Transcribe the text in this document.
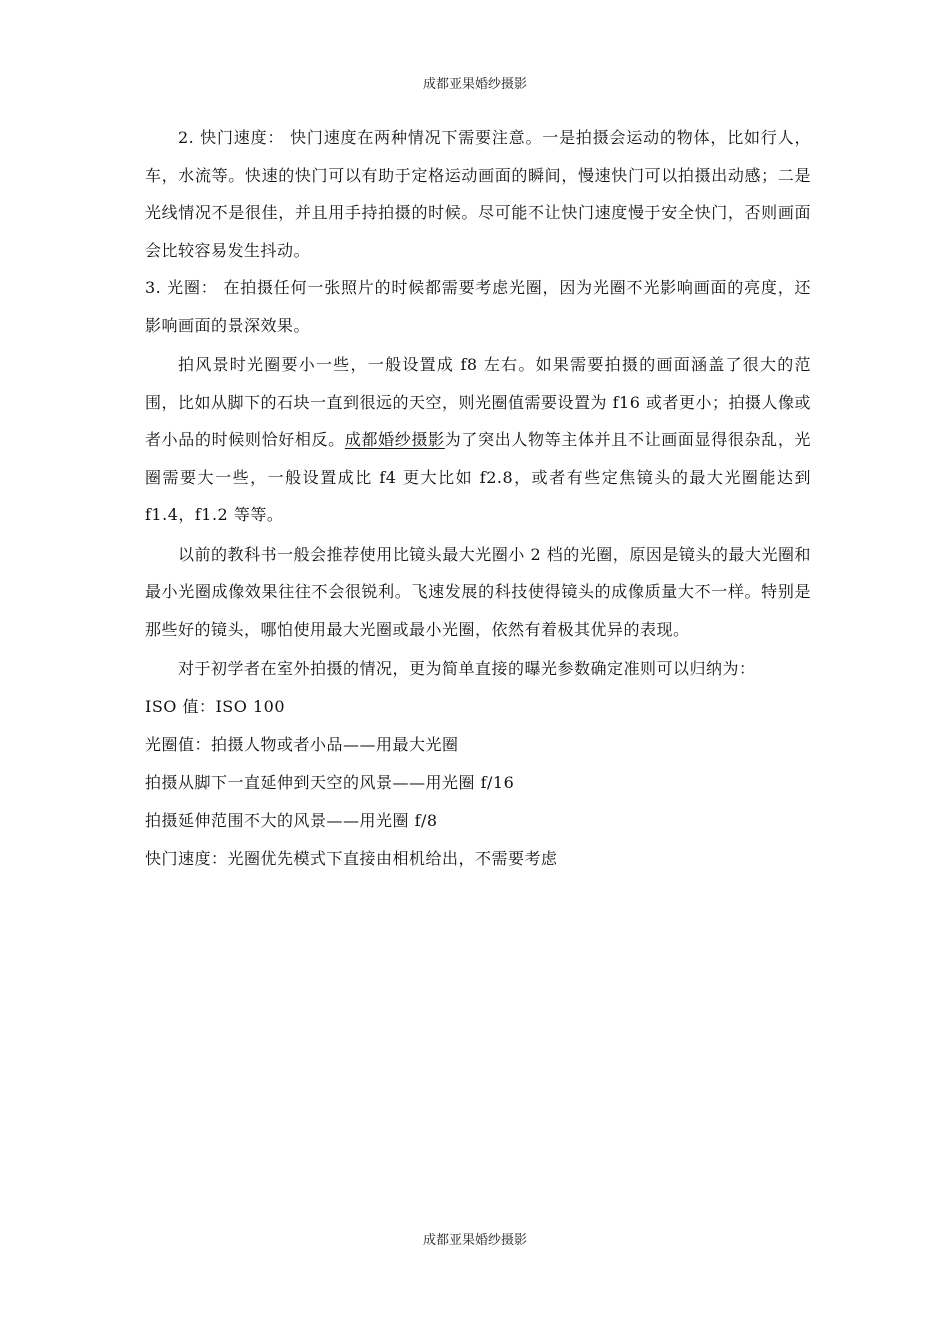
成都亚果婚纱摄影

2. 快门速度： 快门速度在两种情况下需要注意。一是拍摄会运动的物体，比如行人，车，水流等。快速的快门可以有助于定格运动画面的瞬间，慢速快门可以拍摄出动感；二是光线情况不是很佳，并且用手持拍摄的时候。尽可能不让快门速度慢于安全快门，否则画面会比较容易发生抖动。

3. 光圈： 在拍摄任何一张照片的时候都需要考虑光圈，因为光圈不光影响画面的亮度，还影响画面的景深效果。

拍风景时光圈要小一些，一般设置成 f8 左右。如果需要拍摄的画面涵盖了很大的范围，比如从脚下的石块一直到很远的天空，则光圈值需要设置为 f16 或者更小；拍摄人像或者小品的时候则恰好相反。成都婚纱摄影为了突出人物等主体并且不让画面显得很杂乱，光圈需要大一些，一般设置成比 f4 更大比如 f2.8，或者有些定焦镜头的最大光圈能达到 f1.4，f1.2 等等。

以前的教科书一般会推荐使用比镜头最大光圈小 2 档的光圈，原因是镜头的最大光圈和最小光圈成像效果往往不会很锐利。飞速发展的科技使得镜头的成像质量大不一样。特别是那些好的镜头，哪怕使用最大光圈或最小光圈，依然有着极其优异的表现。

对于初学者在室外拍摄的情况，更为简单直接的曝光参数确定准则可以归纳为：

ISO 值：ISO 100

光圈值：拍摄人物或者小品——用最大光圈

拍摄从脚下一直延伸到天空的风景——用光圈 f/16

拍摄延伸范围不大的风景——用光圈 f/8

快门速度：光圈优先模式下直接由相机给出，不需要考虑

成都亚果婚纱摄影
